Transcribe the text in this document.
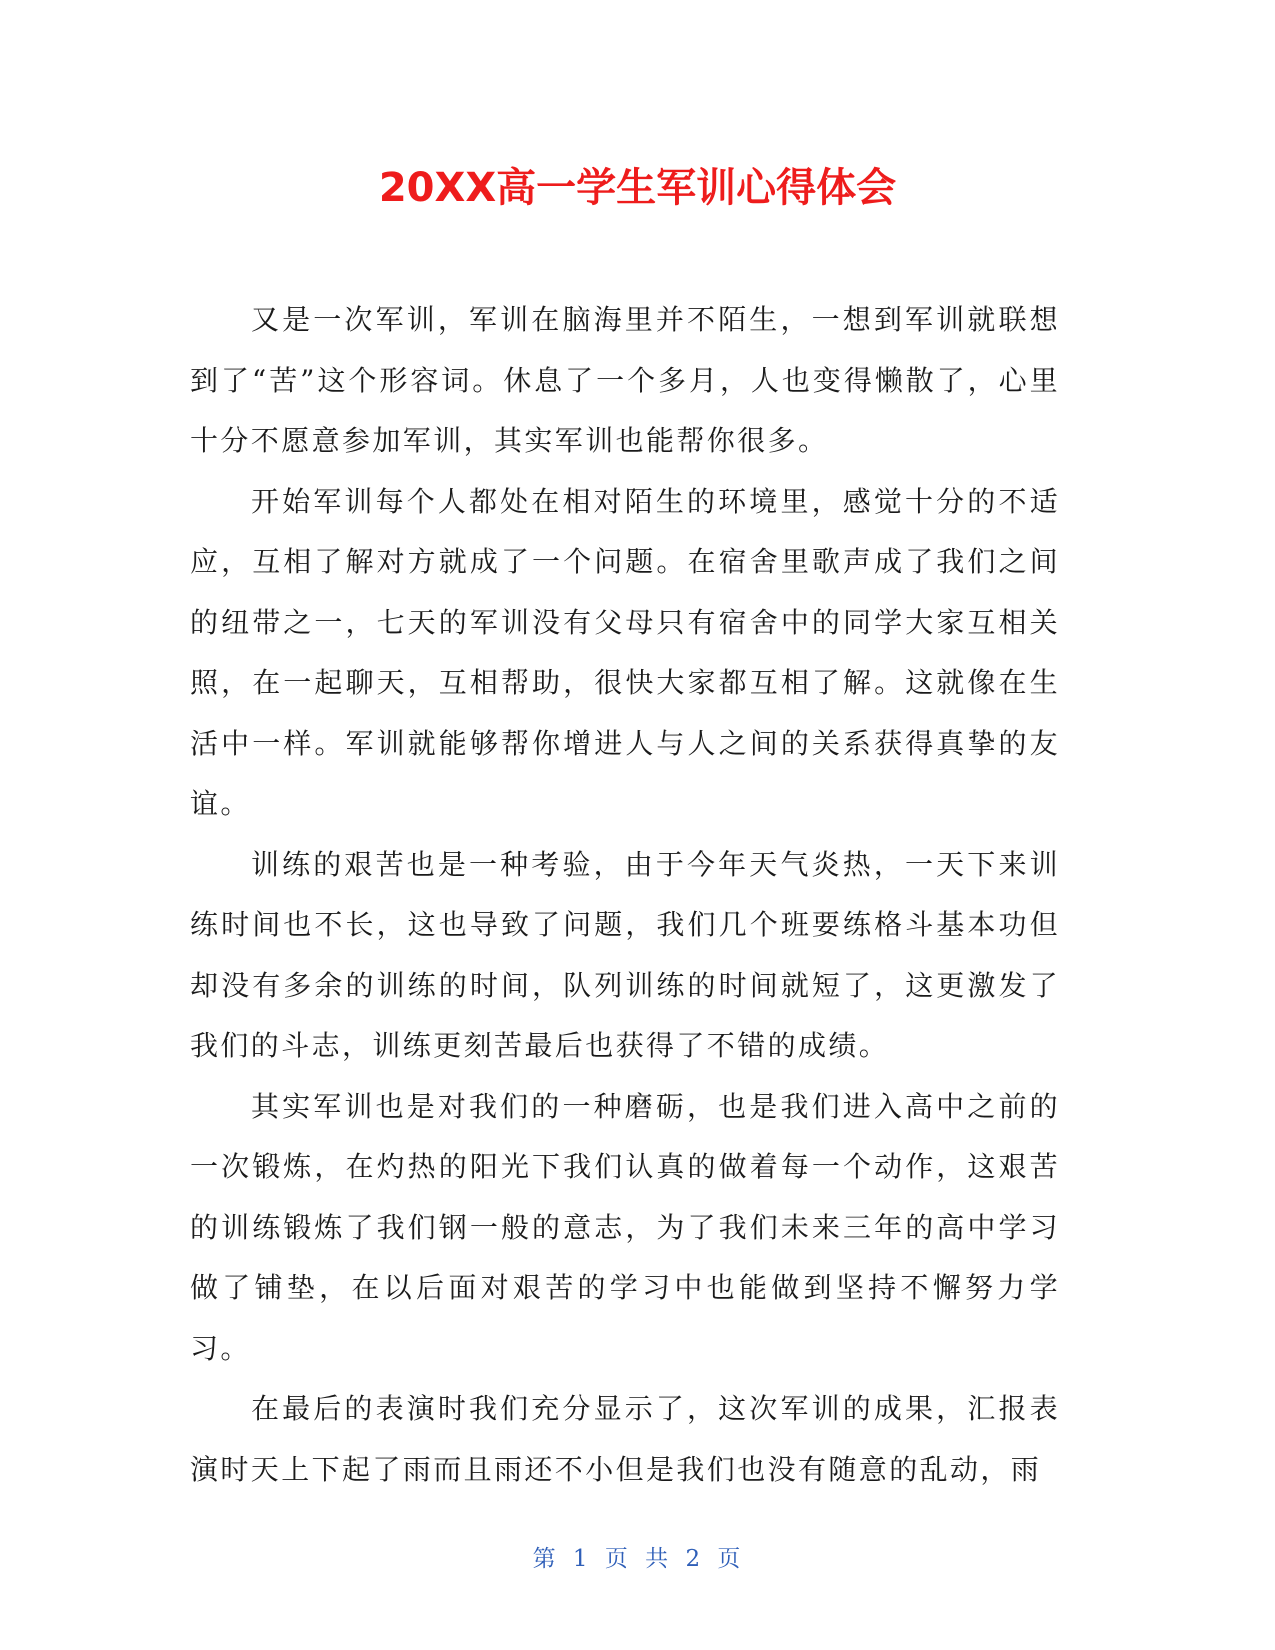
20XX高一学生军训心得体会

又是一次军训，军训在脑海里并不陌生，一想到军训就联想到了“苦”这个形容词。休息了一个多月，人也变得懒散了，心里十分不愿意参加军训，其实军训也能帮你很多。

开始军训每个人都处在相对陌生的环境里，感觉十分的不适应，互相了解对方就成了一个问题。在宿舍里歌声成了我们之间的纽带之一，七天的军训没有父母只有宿舍中的同学大家互相关照，在一起聊天，互相帮助，很快大家都互相了解。这就像在生活中一样。军训就能够帮你增进人与人之间的关系获得真挚的友谊。

训练的艰苦也是一种考验，由于今年天气炎热，一天下来训练时间也不长，这也导致了问题，我们几个班要练格斗基本功但却没有多余的训练的时间，队列训练的时间就短了，这更激发了我们的斗志，训练更刻苦最后也获得了不错的成绩。

其实军训也是对我们的一种磨砺，也是我们进入高中之前的一次锻炼，在灼热的阳光下我们认真的做着每一个动作，这艰苦的训练锻炼了我们钢一般的意志，为了我们未来三年的高中学习做了铺垫，在以后面对艰苦的学习中也能做到坚持不懈努力学习。

在最后的表演时我们充分显示了，这次军训的成果，汇报表演时天上下起了雨而且雨还不小但是我们也没有随意的乱动，雨

第 1 页 共 2 页
